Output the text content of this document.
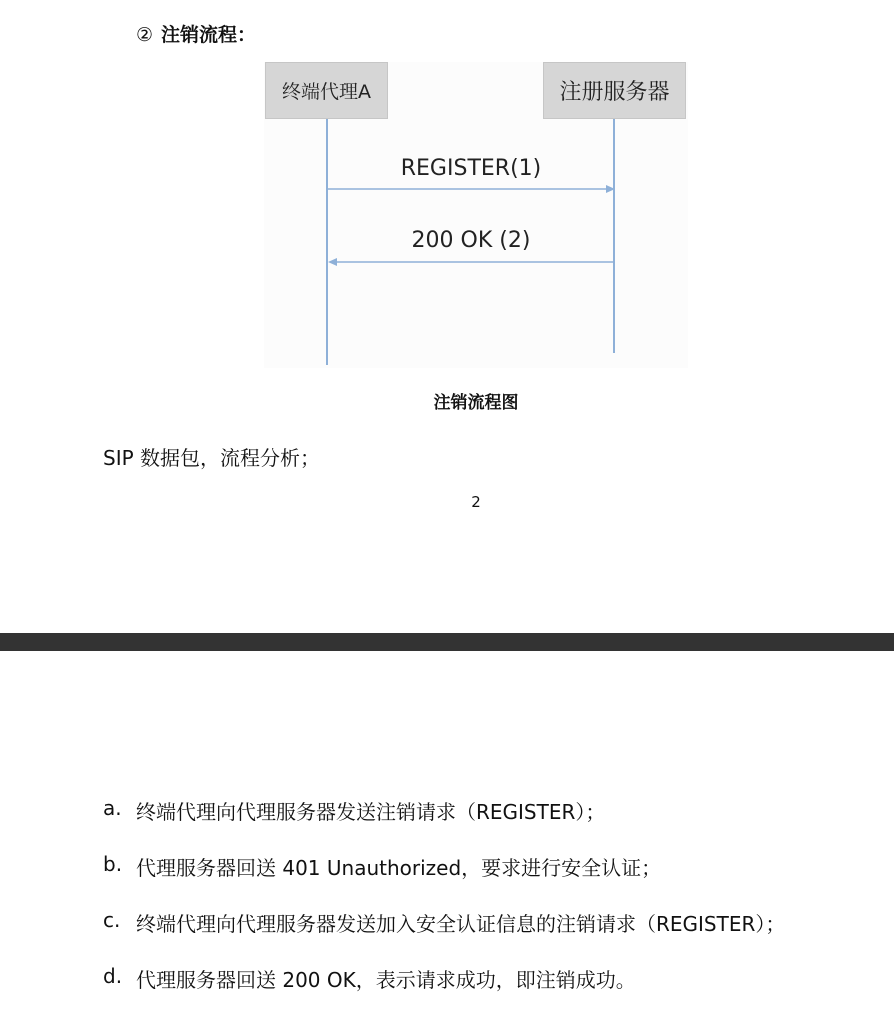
② 注销流程：
终端代理A	注册服务器
REGISTER(1)
200 OK (2)
注销流程图
SIP 数据包，流程分析；
2
a. 终端代理向代理服务器发送注销请求（REGISTER）；
b. 代理服务器回送 401 Unauthorized，要求进行安全认证；
c. 终端代理向代理服务器发送加入安全认证信息的注销请求（REGISTER）；
d. 代理服务器回送 200 OK，表示请求成功，即注销成功。
